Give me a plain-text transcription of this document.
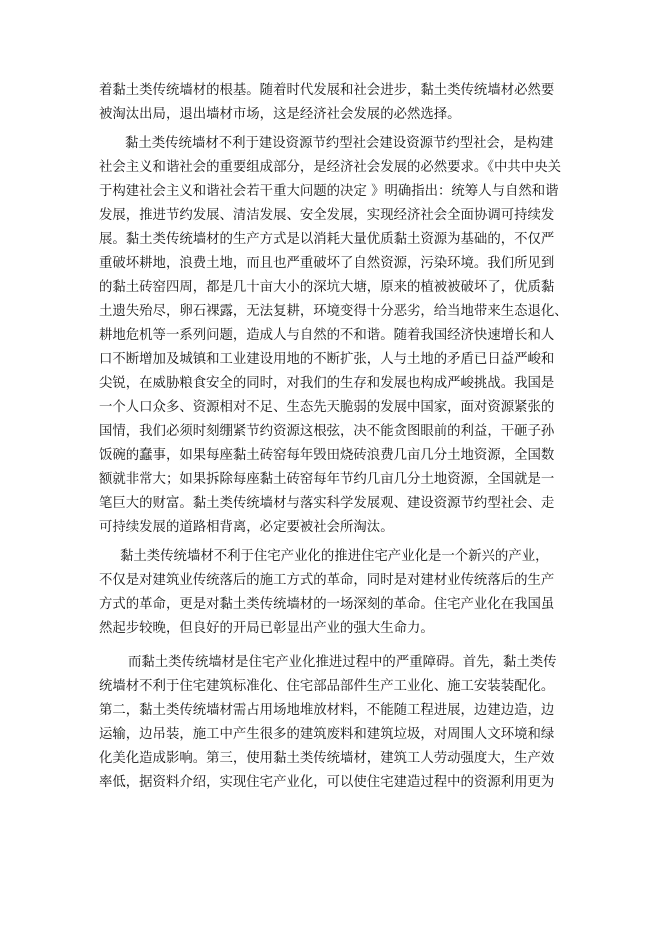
着黏土类传统墙材的根基。随着时代发展和社会进步，黏土类传统墙材必然要
被淘汰出局，退出墙材市场，这是经济社会发展的必然选择。
黏土类传统墙材不利于建设资源节约型社会建设资源节约型社会，是构建
社会主义和谐社会的重要组成部分，是经济社会发展的必然要求。《中共中央关
于构建社会主义和谐社会若干重大问题的决定 》明确指出：统筹人与自然和谐
发展，推进节约发展、清洁发展、安全发展，实现经济社会全面协调可持续发
展。黏土类传统墙材的生产方式是以消耗大量优质黏土资源为基础的，不仅严
重破坏耕地，浪费土地，而且也严重破坏了自然资源，污染环境。我们所见到
的黏土砖窑四周，都是几十亩大小的深坑大塘，原来的植被被破坏了，优质黏
土遗失殆尽，卵石裸露，无法复耕，环境变得十分恶劣，给当地带来生态退化、
耕地危机等一系列问题，造成人与自然的不和谐。随着我国经济快速增长和人
口不断增加及城镇和工业建设用地的不断扩张，人与土地的矛盾已日益严峻和
尖锐，在威胁粮食安全的同时，对我们的生存和发展也构成严峻挑战。我国是
一个人口众多、资源相对不足、生态先天脆弱的发展中国家，面对资源紧张的
国情，我们必须时刻绷紧节约资源这根弦，决不能贪图眼前的利益，干砸子孙
饭碗的蠢事，如果每座黏土砖窑每年毁田烧砖浪费几亩几分土地资源，全国数
额就非常大；如果拆除每座黏土砖窑每年节约几亩几分土地资源，全国就是一
笔巨大的财富。黏土类传统墙材与落实科学发展观、建设资源节约型社会、走
可持续发展的道路相背离，必定要被社会所淘汰。
黏土类传统墙材不利于住宅产业化的推进住宅产业化是一个新兴的产业，
不仅是对建筑业传统落后的施工方式的革命，同时是对建材业传统落后的生产
方式的革命，更是对黏土类传统墙材的一场深刻的革命。住宅产业化在我国虽
然起步较晚，但良好的开局已彰显出产业的强大生命力。
而黏土类传统墙材是住宅产业化推进过程中的严重障碍。首先，黏土类传
统墙材不利于住宅建筑标准化、住宅部品部件生产工业化、施工安装装配化。
第二，黏土类传统墙材需占用场地堆放材料，不能随工程进展，边建边造，边
运输，边吊装，施工中产生很多的建筑废料和建筑垃圾，对周围人文环境和绿
化美化造成影响。第三，使用黏土类传统墙材，建筑工人劳动强度大，生产效
率低，据资料介绍，实现住宅产业化，可以使住宅建造过程中的资源利用更为
